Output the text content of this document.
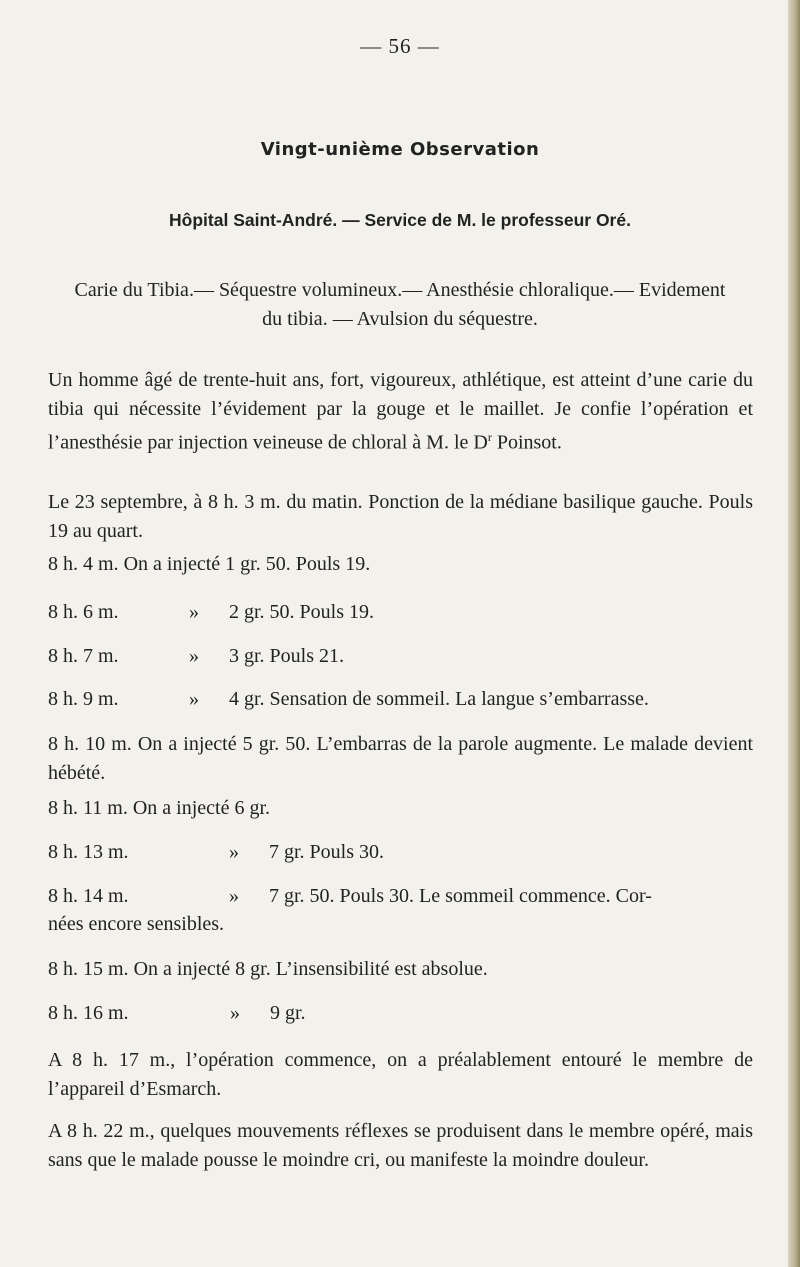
— 56 —
Vingt-unième Observation
Hôpital Saint-André. — Service de M. le professeur Oré.
Carie du Tibia.— Séquestre volumineux.— Anesthésie chloralique.— Evidement
du tibia. — Avulsion du séquestre.
Un homme âgé de trente-huit ans, fort, vigoureux, athlétique, est atteint d’une carie du tibia qui nécessite l’évidement par la gouge et le maillet. Je confie l’opération et l’anesthésie par injection veineuse de chloral à M. le $D^r$ Poinsot.
Le 23 septembre, à 8 h. 3 m. du matin. Ponction de la médiane basilique gauche. Pouls 19 au quart.
8 h. 4 m. On a injecté 1 gr. 50. Pouls 19.
8 h. 6 m.	» 2 gr. 50. Pouls 19.
8 h. 7 m.	» 3 gr. Pouls 21.
8 h. 9 m.	» 4 gr. Sensation de sommeil. La langue s’embarrasse.
8 h. 10 m. On a injecté 5 gr. 50. L’embarras de la parole augmente. Le malade devient hébété.
8 h. 11 m. On a injecté 6 gr.
8 h. 13 m.	» 7 gr. Pouls 30.
8 h. 14 m.	» 7 gr. 50. Pouls 30. Le sommeil commence. Cor-
nées encore sensibles.
8 h. 15 m. On a injecté 8 gr. L’insensibilité est absolue.
8 h. 16 m.	» 9 gr.
A 8 h. 17 m., l’opération commence, on a préalablement entouré le membre de l’appareil d’Esmarch.
A 8 h. 22 m., quelques mouvements réflexes se produisent dans le membre opéré, mais sans que le malade pousse le moindre cri, ou manifeste la moindre douleur.
